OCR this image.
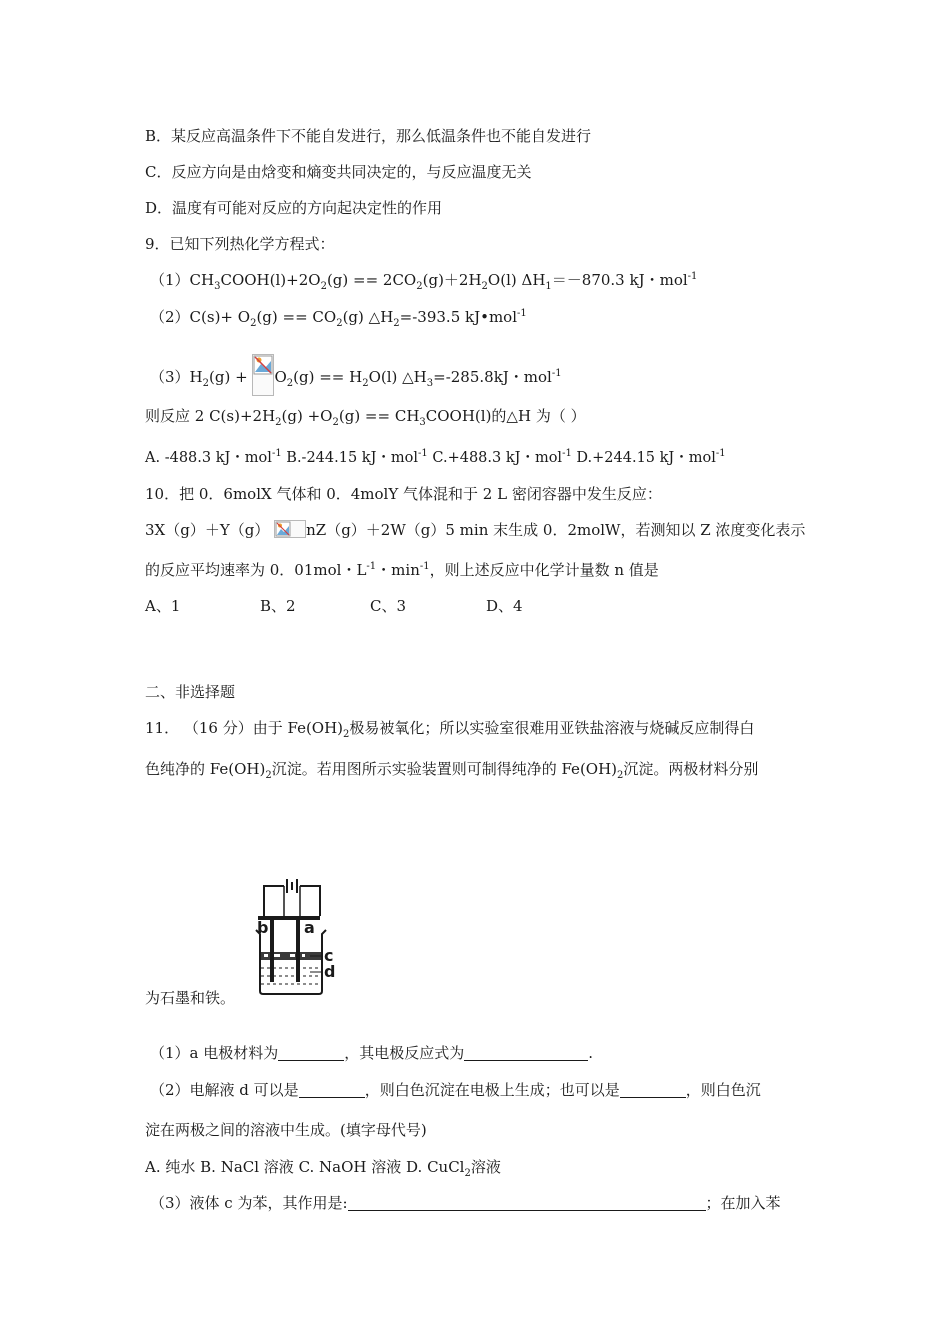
B．某反应高温条件下不能自发进行，那么低温条件也不能自发进行
C．反应方向是由焓变和熵变共同决定的，与反应温度无关
D．温度有可能对反应的方向起决定性的作用
9．已知下列热化学方程式：
$(1)CH_3COOH(l)+2O_2(g) == 2CO_2(g)+2H_2O(l)$ $\Delta H_1=-870.3$ kJ・mol$^{-1}$
$(2)C(s)+ O_2(g) == CO_2(g)$ $\triangle H_2=-393.5$ kJ•mol$^{-1}$
$(3)H_2(g) + O_2(g) == H_2O(l)$ $\triangle H_3=-285.8kJ$・mol$^{-1}$
则反应 2 $C(s)+2H_2(g) +O_2(g)$ == $CH_3COOH(l)$的△H 为（ ）
A. -488.3 kJ・mol$^{-1}$ B.-244.15 kJ・mol$^{-1}$ C.+488.3 kJ・mol$^{-1}$ D.+244.15 kJ・mol$^{-1}$
10．把 0．6molX 气体和 0．4molY 气体混和于 2 L 密闭容器中发生反应：
3X（g）＋Y（g） nZ（g）＋2W（g）5 min 末生成 0．2molW，若测知以 Z 浓度变化表示
的反应平均速率为 0．01mol・$L^{-1}$・$\min^{-1}$，则上述反应中化学计量数 n 值是
A、1	B、2	C、3	D、4
二、非选择题
11． （16 分）由于 $Fe(OH)_2$极易被氧化；所以实验室很难用亚铁盐溶液与烧碱反应制得白
色纯净的 $Fe(OH)_2$沉淀。若用图所示实验装置则可制得纯净的 $Fe(OH)_2$沉淀。两极材料分别
b a
c
d
为石墨和铁。
（1）a 电极材料为	，其电极反应式为	.
（2）电解液 d 可以是	，则白色沉淀在电极上生成；也可以是	，则白色沉
淀在两极之间的溶液中生成。(填字母代号)
A. 纯水 B. NaCl 溶液 C. NaOH 溶液 D. CuCl$_2$溶液
（3）液体 c 为苯，其作用是:	；在加入苯
